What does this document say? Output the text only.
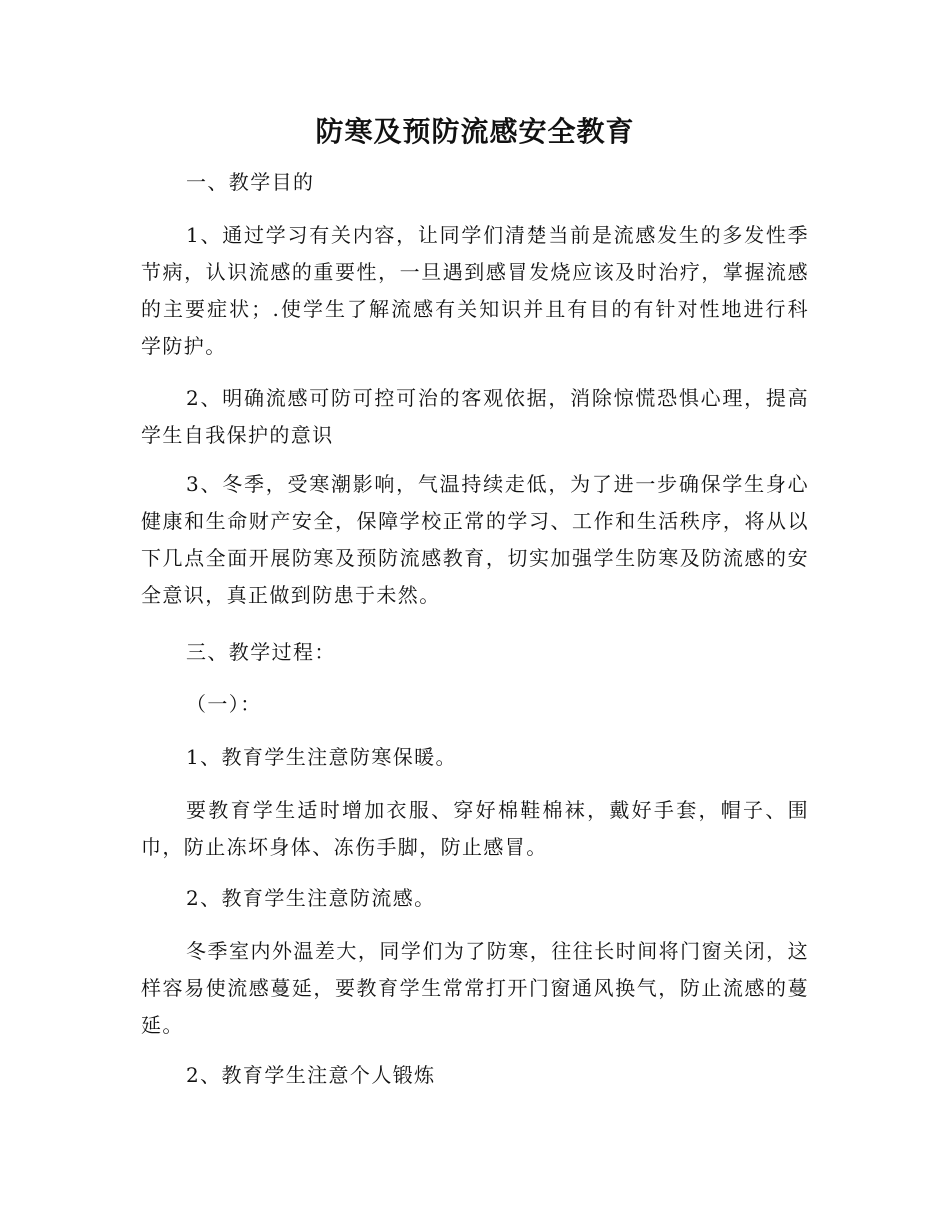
防寒及预防流感安全教育

一、教学目的

1、通过学习有关内容，让同学们清楚当前是流感发生的多发性季节病，认识流感的重要性，一旦遇到感冒发烧应该及时治疗，掌握流感的主要症状；.使学生了解流感有关知识并且有目的有针对性地进行科学防护。

2、明确流感可防可控可治的客观依据，消除惊慌恐惧心理，提高学生自我保护的意识

3、冬季，受寒潮影响，气温持续走低，为了进一步确保学生身心健康和生命财产安全，保障学校正常的学习、工作和生活秩序，将从以下几点全面开展防寒及预防流感教育，切实加强学生防寒及防流感的安全意识，真正做到防患于未然。

三、教学过程：

（一）：

1、教育学生注意防寒保暖。

要教育学生适时增加衣服、穿好棉鞋棉袜，戴好手套，帽子、围巾，防止冻坏身体、冻伤手脚，防止感冒。

2、教育学生注意防流感。

冬季室内外温差大，同学们为了防寒，往往长时间将门窗关闭，这样容易使流感蔓延，要教育学生常常打开门窗通风换气，防止流感的蔓延。

2、教育学生注意个人锻炼
